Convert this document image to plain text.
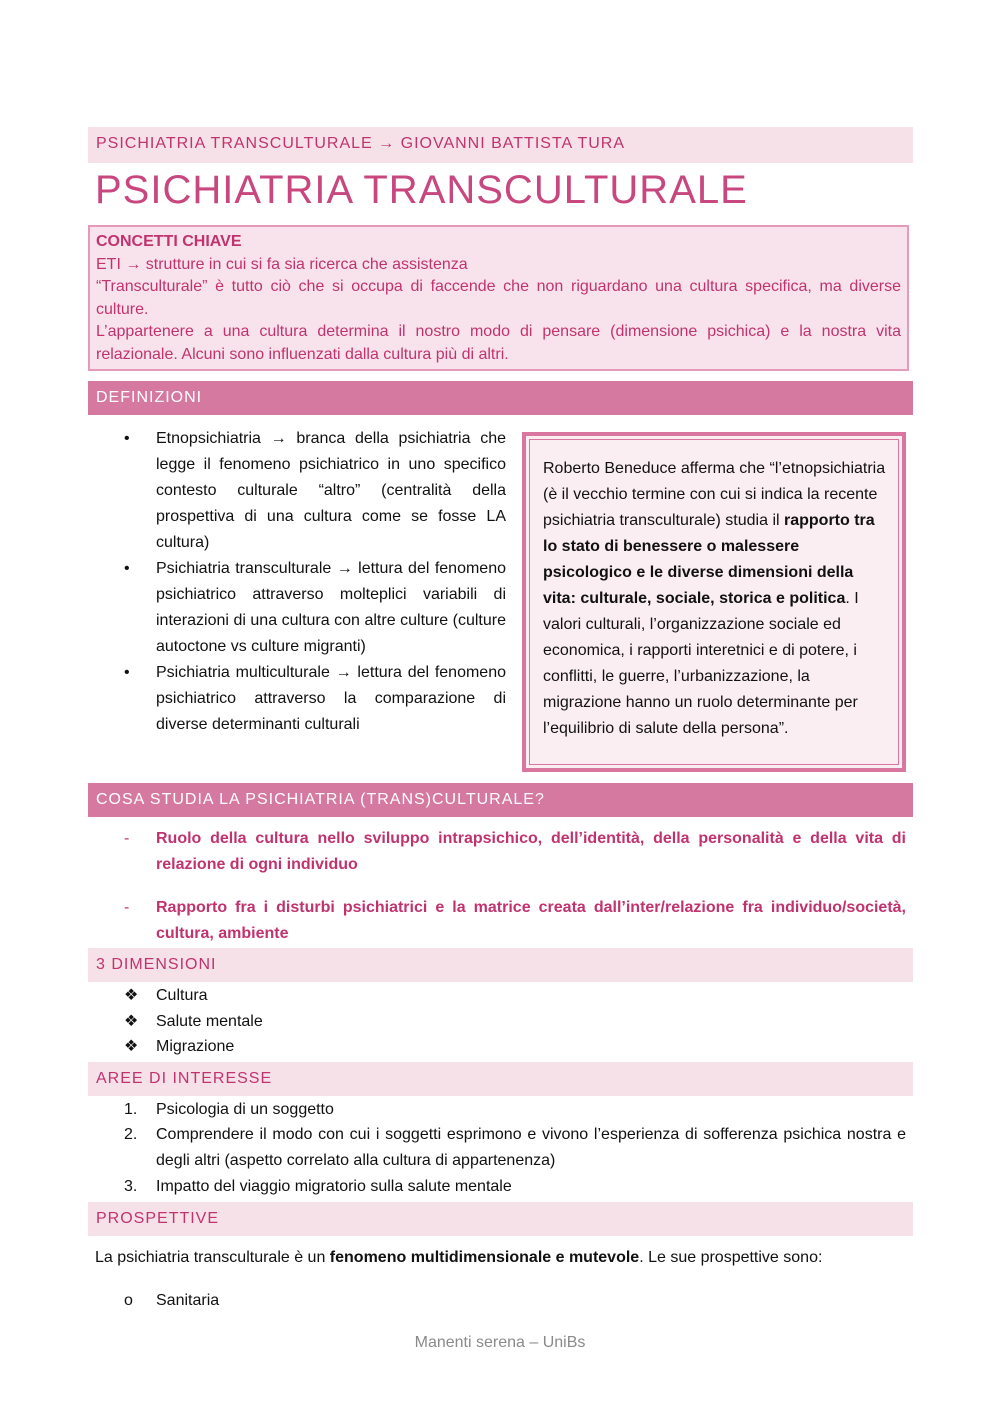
PSICHIATRIA TRANSCULTURALE → GIOVANNI BATTISTA TURA
PSICHIATRIA TRANSCULTURALE

CONCETTI CHIAVE

ETI → strutture in cui si fa sia ricerca che assistenza

“Transculturale” è tutto ciò che si occupa di faccende che non riguardano una cultura specifica, ma diverse culture.

L’appartenere a una cultura determina il nostro modo di pensare (dimensione psichica) e la nostra vita relazionale. Alcuni sono influenzati dalla cultura più di altri.

DEFINIZIONI

• Etnopsichiatria → branca della psichiatria che legge il fenomeno psichiatrico in uno specifico contesto culturale “altro” (centralità della prospettiva di una cultura come se fosse LA cultura)

• Psichiatria transculturale → lettura del fenomeno psichiatrico attraverso molteplici variabili di interazioni di una cultura con altre culture (culture autoctone vs culture migranti)

• Psichiatria multiculturale → lettura del fenomeno psichiatrico attraverso la comparazione di diverse determinanti culturali

Roberto Beneduce afferma che “l’etnopsichiatria (è il vecchio termine con cui si indica la recente psichiatria transculturale) studia il rapporto tra lo stato di benessere o malessere psicologico e le diverse dimensioni della vita: culturale, sociale, storica e politica. I valori culturali, l’organizzazione sociale ed economica, i rapporti interetnici e di potere, i conflitti, le guerre, l’urbanizzazione, la migrazione hanno un ruolo determinante per l’equilibrio di salute della persona”.
COSA STUDIA LA PSICHIATRIA (TRANS)CULTURALE?
- Ruolo della cultura nello sviluppo intrapsichico, dell’identità, della personalità e della vita di relazione di ogni individuo
- Rapporto fra i disturbi psichiatrici e la matrice creata dall’inter/relazione fra individuo/società, cultura, ambiente
3 DIMENSIONI
❖ Cultura
❖ Salute mentale
❖ Migrazione
AREE DI INTERESSE
1. Psicologia di un soggetto
2. Comprendere il modo con cui i soggetti esprimono e vivono l’esperienza di sofferenza psichica nostra e degli altri (aspetto correlato alla cultura di appartenenza)
3. Impatto del viaggio migratorio sulla salute mentale
PROSPETTIVE
La psichiatria transculturale è un fenomeno multidimensionale e mutevole. Le sue prospettive sono:
o Sanitaria
Manenti serena – UniBs
